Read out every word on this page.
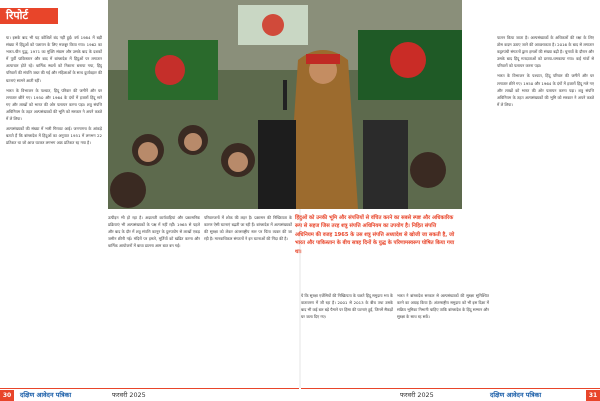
रिपोर्ट

या। इसके बाद भी यह कोशिशें बंद नहीं हुईं। वर्ष 1984 में बड़ी संख्या में हिंदुओं को पलायन के लिए मजबूर किया गया। 1962 का भारत-चीन युद्ध, 1971 का मुक्ति संग्राम और उसके बाद के दशकों में पूर्वी पाकिस्तान और बाद में बांग्लादेश में हिंदुओं पर लगातार अत्याचार होते रहे। धार्मिक स्थलों को निशाना बनाया गया, हिंदू परिवारों की संपत्ति जब्त की गई और महिलाओं के साथ दुर्व्यवहार की घटनाएं सामने आती रहीं।

भारत के विभाजन के पश्चात, हिंदू परिवार की जमीनें और घर लगातार छीने गए। 1950 और 1964 के दंगों में हजारों हिंदू मारे गए और लाखों को भारत की ओर पलायन करना पड़ा। शत्रु संपत्ति अधिनियम के तहत अल्पसंख्यकों की भूमि को सरकार ने अपने कब्जे में ले लिया।

अल्पसंख्यकों की संख्या में भारी गिरावट आई। जनगणना के आंकड़े बताते हैं कि बांग्लादेश में हिंदुओं का अनुपात 1951 में लगभग 22 प्रतिशत था जो आज घटकर लगभग आठ प्रतिशत रह गया है।

उत्पीड़न भी हो रहा है। अदालती कार्यवाहियां और प्रशासनिक प्रक्रियाएं भी अल्पसंख्यकों के पक्ष में नहीं रहीं। 1965 से पहले और बाद के दौर में शत्रु संपत्ति कानून के दुरुपयोग से लाखों एकड़ जमीन छीनी गई। मंदिरों पर हमले, मूर्तियों को खंडित करना और धार्मिक आयोजनों में बाधा डालना आम बात बन गई।

परिवारजनों में शोक की लहर है। प्रशासन की निष्क्रियता के कारण ऐसी घटनाएं बढ़ती जा रही हैं। बांग्लादेश में अल्पसंख्यकों की सुरक्षा को लेकर अंतरराष्ट्रीय स्तर पर चिंता व्यक्त की जा रही है। मानवाधिकार संगठनों ने इन घटनाओं की निंदा की है।

हिंदुओं को उनकी भूमि और संपत्तियों से वंचित करने का सबसे स्पष्ट और अधिकारिक रूप से सहज जिस तरह शत्रु संपत्ति अधिनियम का उपयोग है। निहित संपत्ति अधिनियम की वजह 1965 के उस शत्रु संपत्ति अध्यादेश से खोजी जा सकती है, जो भारत और पाकिस्तान के बीच सत्रह दिनों के युद्ध के परिणामस्वरूप घोषित किया गया था।

ये कि सुरक्षा एजेंसियों की निष्क्रियता के चलते हिंदू समुदाय भय के वातावरण में जी रहा है। 2001 से 2013 के बीच तथा उसके बाद भी कई बार बड़े पैमाने पर हिंसा की घटनाएं हुईं, जिनमें सैकड़ों घर जला दिए गए।

भारत ने बांग्लादेश सरकार से अल्पसंख्यकों की सुरक्षा सुनिश्चित करने का आग्रह किया है। अंतरराष्ट्रीय समुदाय को भी इस दिशा में सक्रिय भूमिका निभानी चाहिए ताकि बांग्लादेश के हिंदू सम्मान और सुरक्षा के साथ रह सकें।

पालन किया जाता है। अल्पसंख्यकों के अधिकारों की रक्षा के लिए ठोस कदम उठाए जाने की आवश्यकता है। 2016 के बाद से लगातार कट्टरपंथी संगठनों द्वारा हमलों की संख्या बढ़ी है। चुनावों के दौरान और उसके बाद हिंदू मतदाताओं को डराया-धमकाया गया। कई गांवों से परिवारों को पलायन करना पड़ा।

भारत के विभाजन के पश्चात, हिंदू परिवार की जमीनें और घर लगातार छीने गए। 1950 और 1964 के दंगों में हजारों हिंदू मारे गए और लाखों को भारत की ओर पलायन करना पड़ा। शत्रु संपत्ति अधिनियम के तहत अल्पसंख्यकों की भूमि को सरकार ने अपने कब्जे में ले लिया।

30	दक्षिण आवेदन पत्रिका	फरवरी 2025	फरवरी 2025	दक्षिण आवेदन पत्रिका	31
